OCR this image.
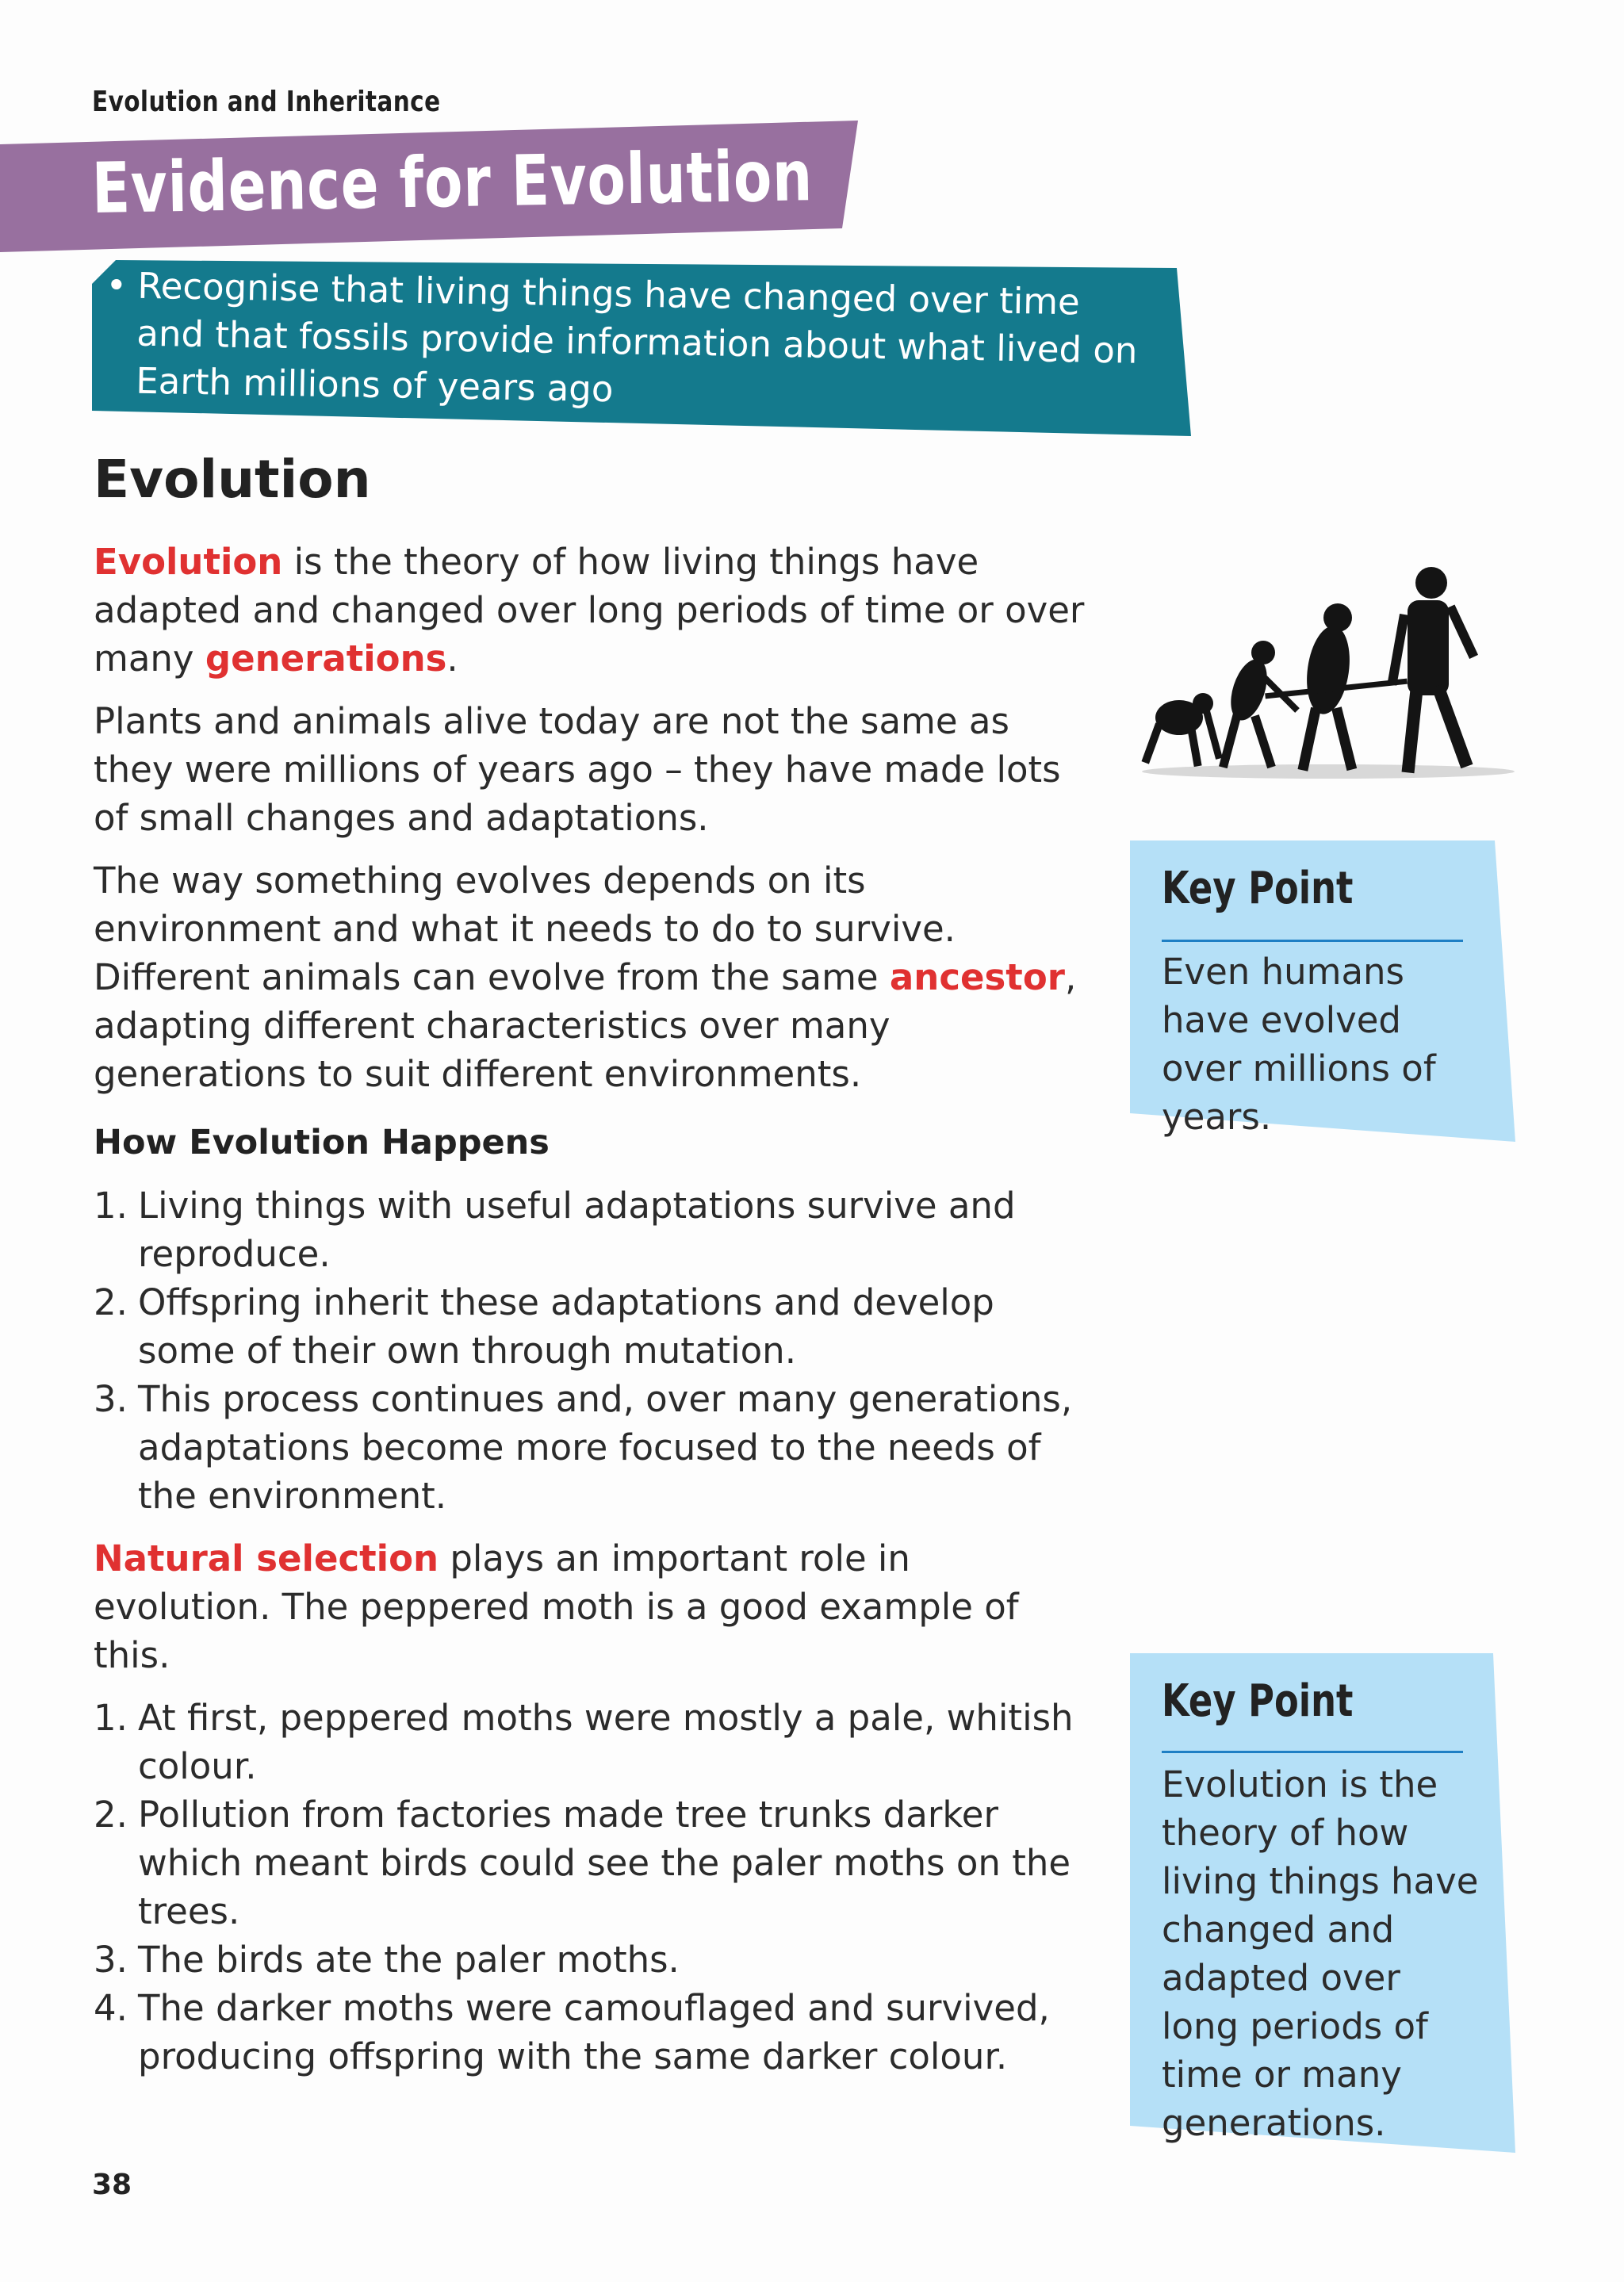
Evolution and Inheritance
Evidence for Evolution
• Recognise that living things have changed over time and that fossils provide information about what lived on Earth millions of years ago
Evolution

Evolution is the theory of how living things have adapted and changed over long periods of time or over many generations.

Plants and animals alive today are not the same as they were millions of years ago – they have made lots of small changes and adaptations.

The way something evolves depends on its environment and what it needs to do to survive. Different animals can evolve from the same ancestor, adapting different characteristics over many generations to suit different environments.

How Evolution Happens
1. Living things with useful adaptations survive and reproduce.
2. Offspring inherit these adaptations and develop some of their own through mutation.
3. This process continues and, over many generations, adaptations become more focused to the needs of the environment.

Natural selection plays an important role in evolution. The peppered moth is a good example of this.

1. At first, peppered moths were mostly a pale, whitish colour.
2. Pollution from factories made tree trunks darker which meant birds could see the paler moths on the trees.
3. The birds ate the paler moths.
4. The darker moths were camouflaged and survived, producing offspring with the same darker colour.
Key Point
Even humans have evolved over millions of years.
Key Point
Evolution is the theory of how living things have changed and adapted over long periods of time or many generations.
38
